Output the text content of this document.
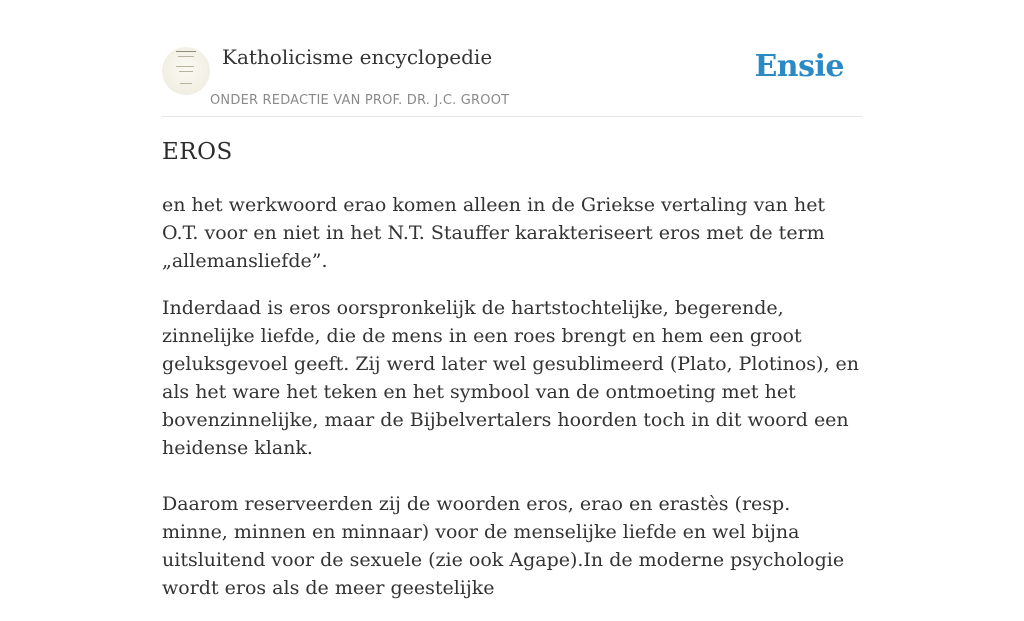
Katholicisme encyclopedie
ONDER REDACTIE VAN PROF. DR. J.C. GROOT
Ensie
EROS

en het werkwoord erao komen alleen in de Griekse vertaling van het O.T. voor en niet in het N.T. Stauffer karakteriseert eros met de term „allemansliefde”.

Inderdaad is eros oorspronkelijk de hartstochtelijke, begerende, zinnelijke liefde, die de mens in een roes brengt en hem een groot geluksgevoel geeft. Zij werd later wel gesublimeerd (Plato, Plotinos), en als het ware het teken en het symbool van de ontmoeting met het bovenzinnelijke, maar de Bijbelvertalers hoorden toch in dit woord een heidense klank.

Daarom reserveerden zij de woorden eros, erao en erastès (resp. minne, minnen en minnaar) voor de menselijke liefde en wel bijna uitsluitend voor de sexuele (zie ook Agape).In de moderne psychologie wordt eros als de meer geestelijke
